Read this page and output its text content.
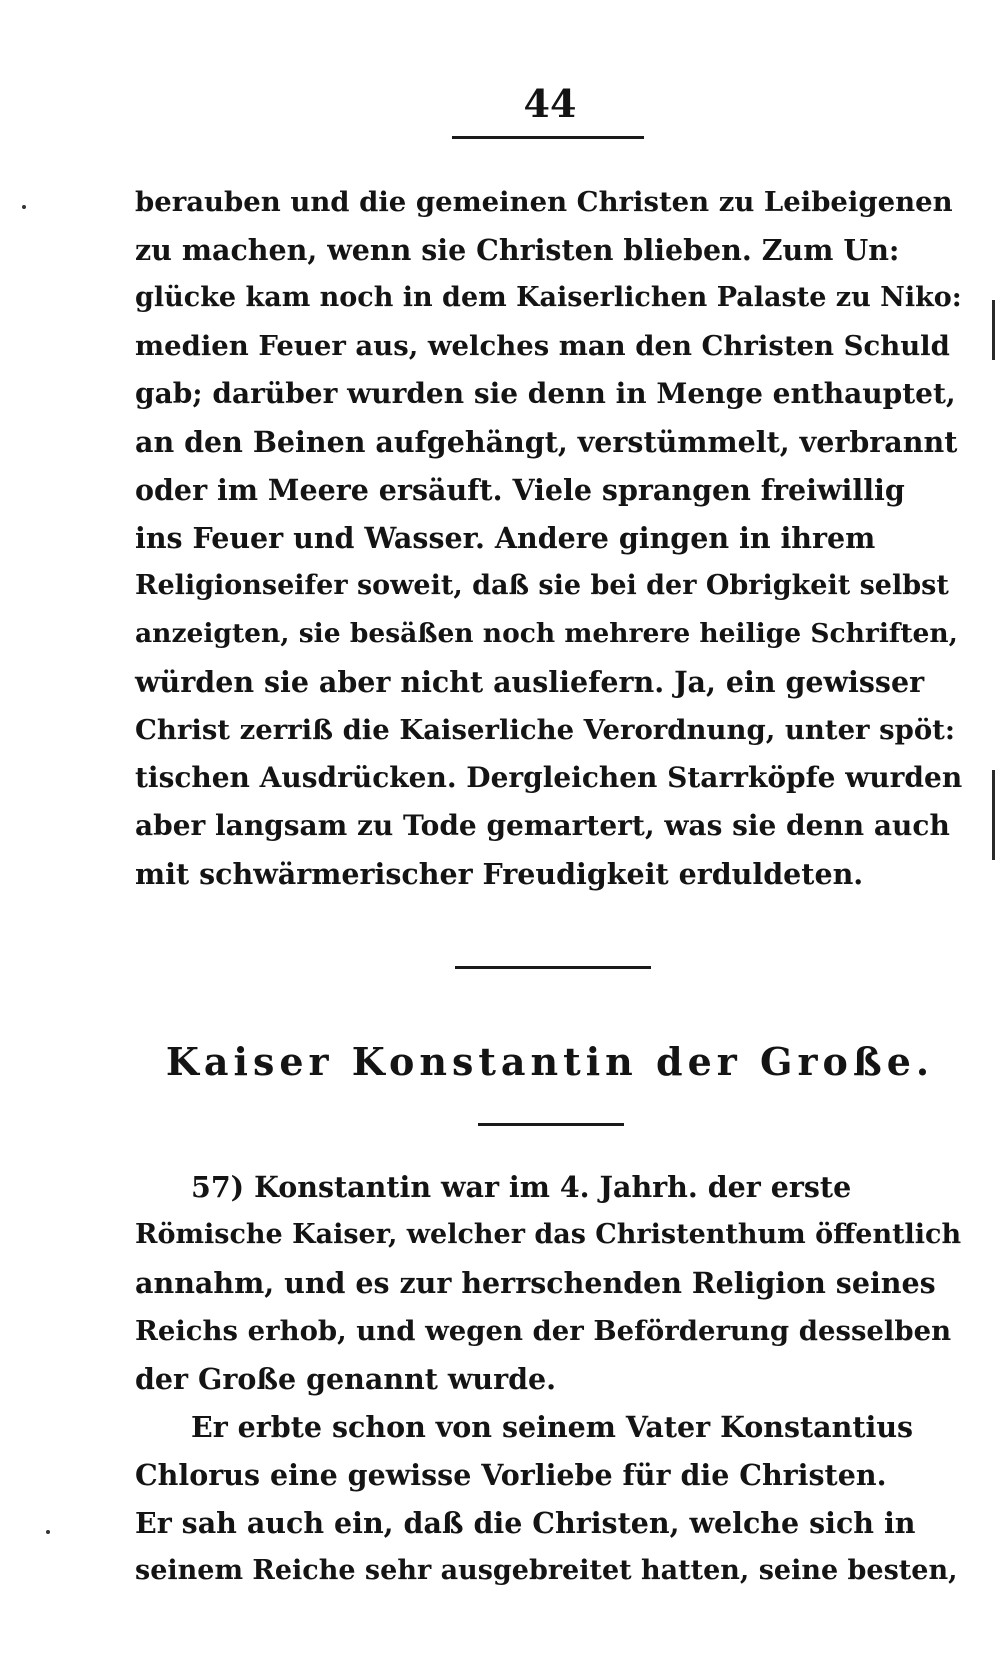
44
berauben und die gemeinen Christen zu Leibeigenen
zu machen, wenn sie Christen blieben. Zum Un:
glücke kam noch in dem Kaiserlichen Palaste zu Niko:
medien Feuer aus, welches man den Christen Schuld
gab; darüber wurden sie denn in Menge enthauptet,
an den Beinen aufgehängt, verstümmelt, verbrannt
oder im Meere ersäuft. Viele sprangen freiwillig
ins Feuer und Wasser. Andere gingen in ihrem
Religionseifer soweit, daß sie bei der Obrigkeit selbst
anzeigten, sie besäßen noch mehrere heilige Schriften,
würden sie aber nicht ausliefern. Ja, ein gewisser
Christ zerriß die Kaiserliche Verordnung, unter spöt:
tischen Ausdrücken. Dergleichen Starrköpfe wurden
aber langsam zu Tode gemartert, was sie denn auch
mit schwärmerischer Freudigkeit erduldeten.
Kaiser Konstantin der Große.
57) Konstantin war im 4. Jahrh. der erste
Römische Kaiser, welcher das Christenthum öffentlich
annahm, und es zur herrschenden Religion seines
Reichs erhob, und wegen der Beförderung desselben
der Große genannt wurde.
Er erbte schon von seinem Vater Konstantius
Chlorus eine gewisse Vorliebe für die Christen.
Er sah auch ein, daß die Christen, welche sich in
seinem Reiche sehr ausgebreitet hatten, seine besten,
